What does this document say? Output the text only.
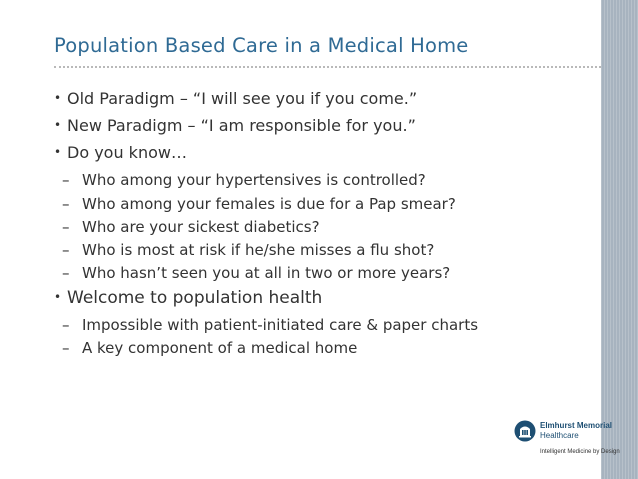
Population Based Care in a Medical Home
• Old Paradigm – “I will see you if you come.”
• New Paradigm – “I am responsible for you.”
• Do you know…
– Who among your hypertensives is controlled?
– Who among your females is due for a Pap smear?
– Who are your sickest diabetics?
– Who is most at risk if he/she misses a flu shot?
– Who hasn’t seen you at all in two or more years?
• Welcome to population health
– Impossible with patient-initiated care & paper charts
– A key component of a medical home
Elmhurst Memorial
Healthcare
Intelligent Medicine by Design
